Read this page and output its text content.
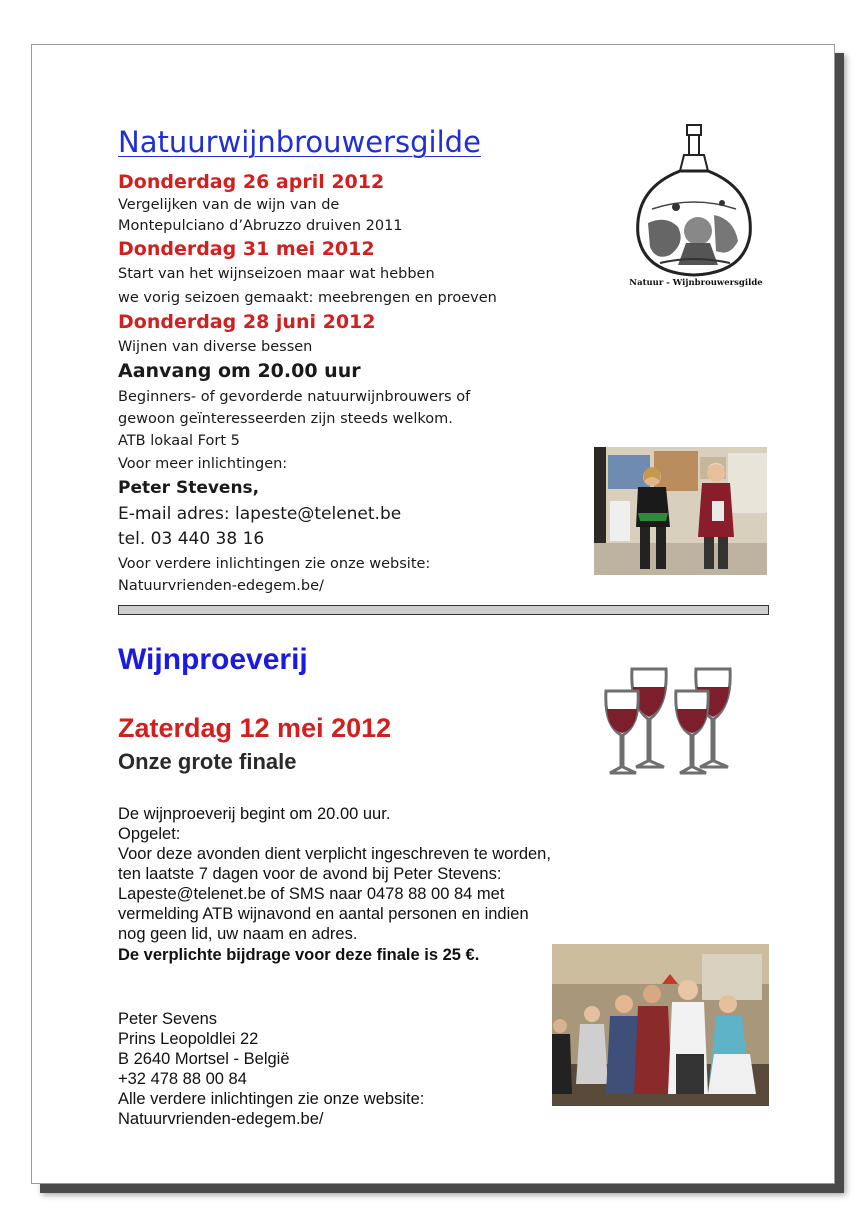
Natuurwijnbrouwersgilde
Donderdag 26 april 2012
Vergelijken van de wijn van de
Montepulciano d’Abruzzo druiven 2011
Donderdag 31 mei 2012
Start van het wijnseizoen maar wat hebben
we vorig seizoen gemaakt: meebrengen en proeven
Donderdag 28 juni 2012
Wijnen van diverse bessen
Aanvang om 20.00 uur
Beginners- of gevorderde natuurwijnbrouwers of
gewoon geïnteresseerden zijn steeds welkom.
ATB lokaal Fort 5
Voor meer inlichtingen:
Peter Stevens,
E-mail adres: lapeste@telenet.be
tel. 03 440 38 16
Voor verdere inlichtingen zie onze website:
Natuurvrienden-edegem.be/
Natuur - Wijnbrouwersgilde
Wijnproeverij
Zaterdag 12 mei 2012
Onze grote finale
De wijnproeverij begint om 20.00 uur.
Opgelet:
Voor deze avonden dient verplicht ingeschreven te worden,
ten laatste 7 dagen voor de avond bij Peter Stevens:
Lapeste@telenet.be of SMS naar 0478 88 00 84 met
vermelding ATB wijnavond en aantal personen en indien
nog geen lid, uw naam en adres.
De verplichte bijdrage voor deze finale is 25 €.
Peter Sevens
Prins Leopoldlei 22
B 2640 Mortsel - België
+32 478 88 00 84
Alle verdere inlichtingen zie onze website:
Natuurvrienden-edegem.be/
